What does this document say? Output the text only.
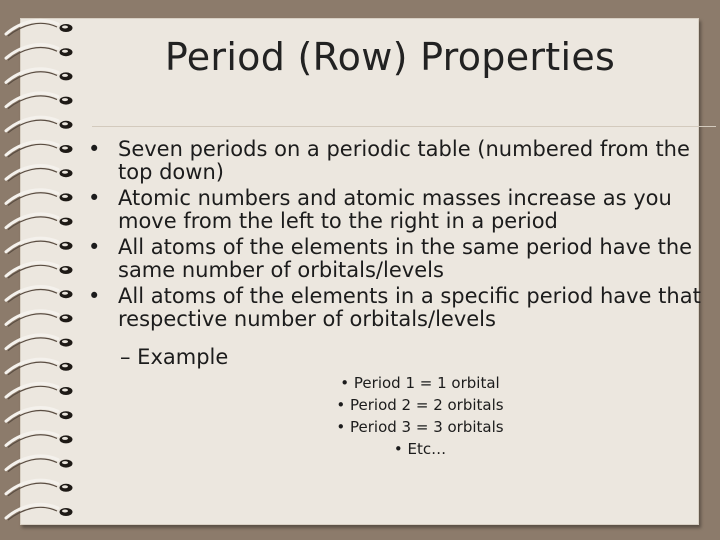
Period (Row) Properties
• Seven periods on a periodic table (numbered from the top down)
• Atomic numbers and atomic masses increase as you move from the left to the right in a period
• All atoms of the elements in the same period have the same number of orbitals/levels
• All atoms of the elements in a specific period have that respective number of orbitals/levels
– Example
• Period 1 = 1 orbital
• Period 2 = 2 orbitals
• Period 3 = 3 orbitals
• Etc…
